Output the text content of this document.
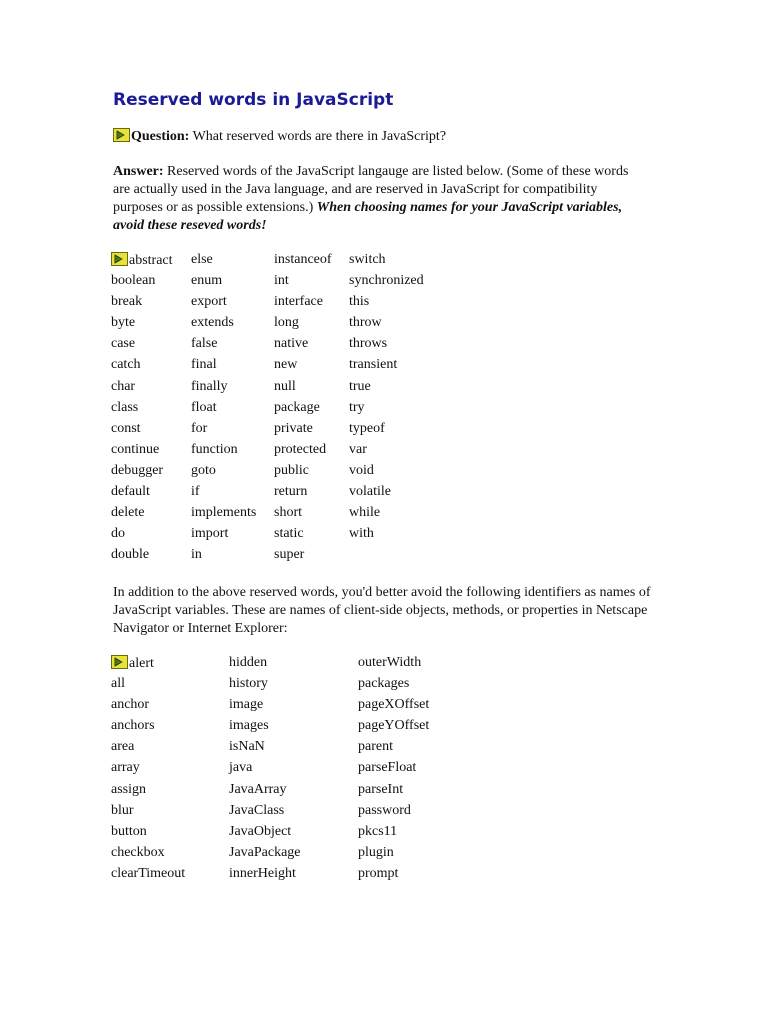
Reserved words in JavaScript

Question: What reserved words are there in JavaScript?

Answer: Reserved words of the JavaScript langauge are listed below. (Some of these words are actually used in the Java language, and are reserved in JavaScript for compatibility purposes or as possible extensions.) When choosing names for your JavaScript variables, avoid these reseved words!

abstract	else	instanceof	switch
boolean	enum	int	synchronized
break	export	interface	this
byte	extends	long	throw
case	false	native	throws
catch	final	new	transient
char	finally	null	true
class	float	package	try
const	for	private	typeof
continue	function	protected	var
debugger	goto	public	void
default	if	return	volatile
delete	implements	short	while
do	import	static	with
double	in	super	

In addition to the above reserved words, you'd better avoid the following identifiers as names of JavaScript variables. These are names of client-side objects, methods, or properties in Netscape Navigator or Internet Explorer:

alert	hidden	outerWidth
all	history	packages
anchor	image	pageXOffset
anchors	images	pageYOffset
area	isNaN	parent
array	java	parseFloat
assign	JavaArray	parseInt
blur	JavaClass	password
button	JavaObject	pkcs11
checkbox	JavaPackage	plugin
clearTimeout	innerHeight	prompt
